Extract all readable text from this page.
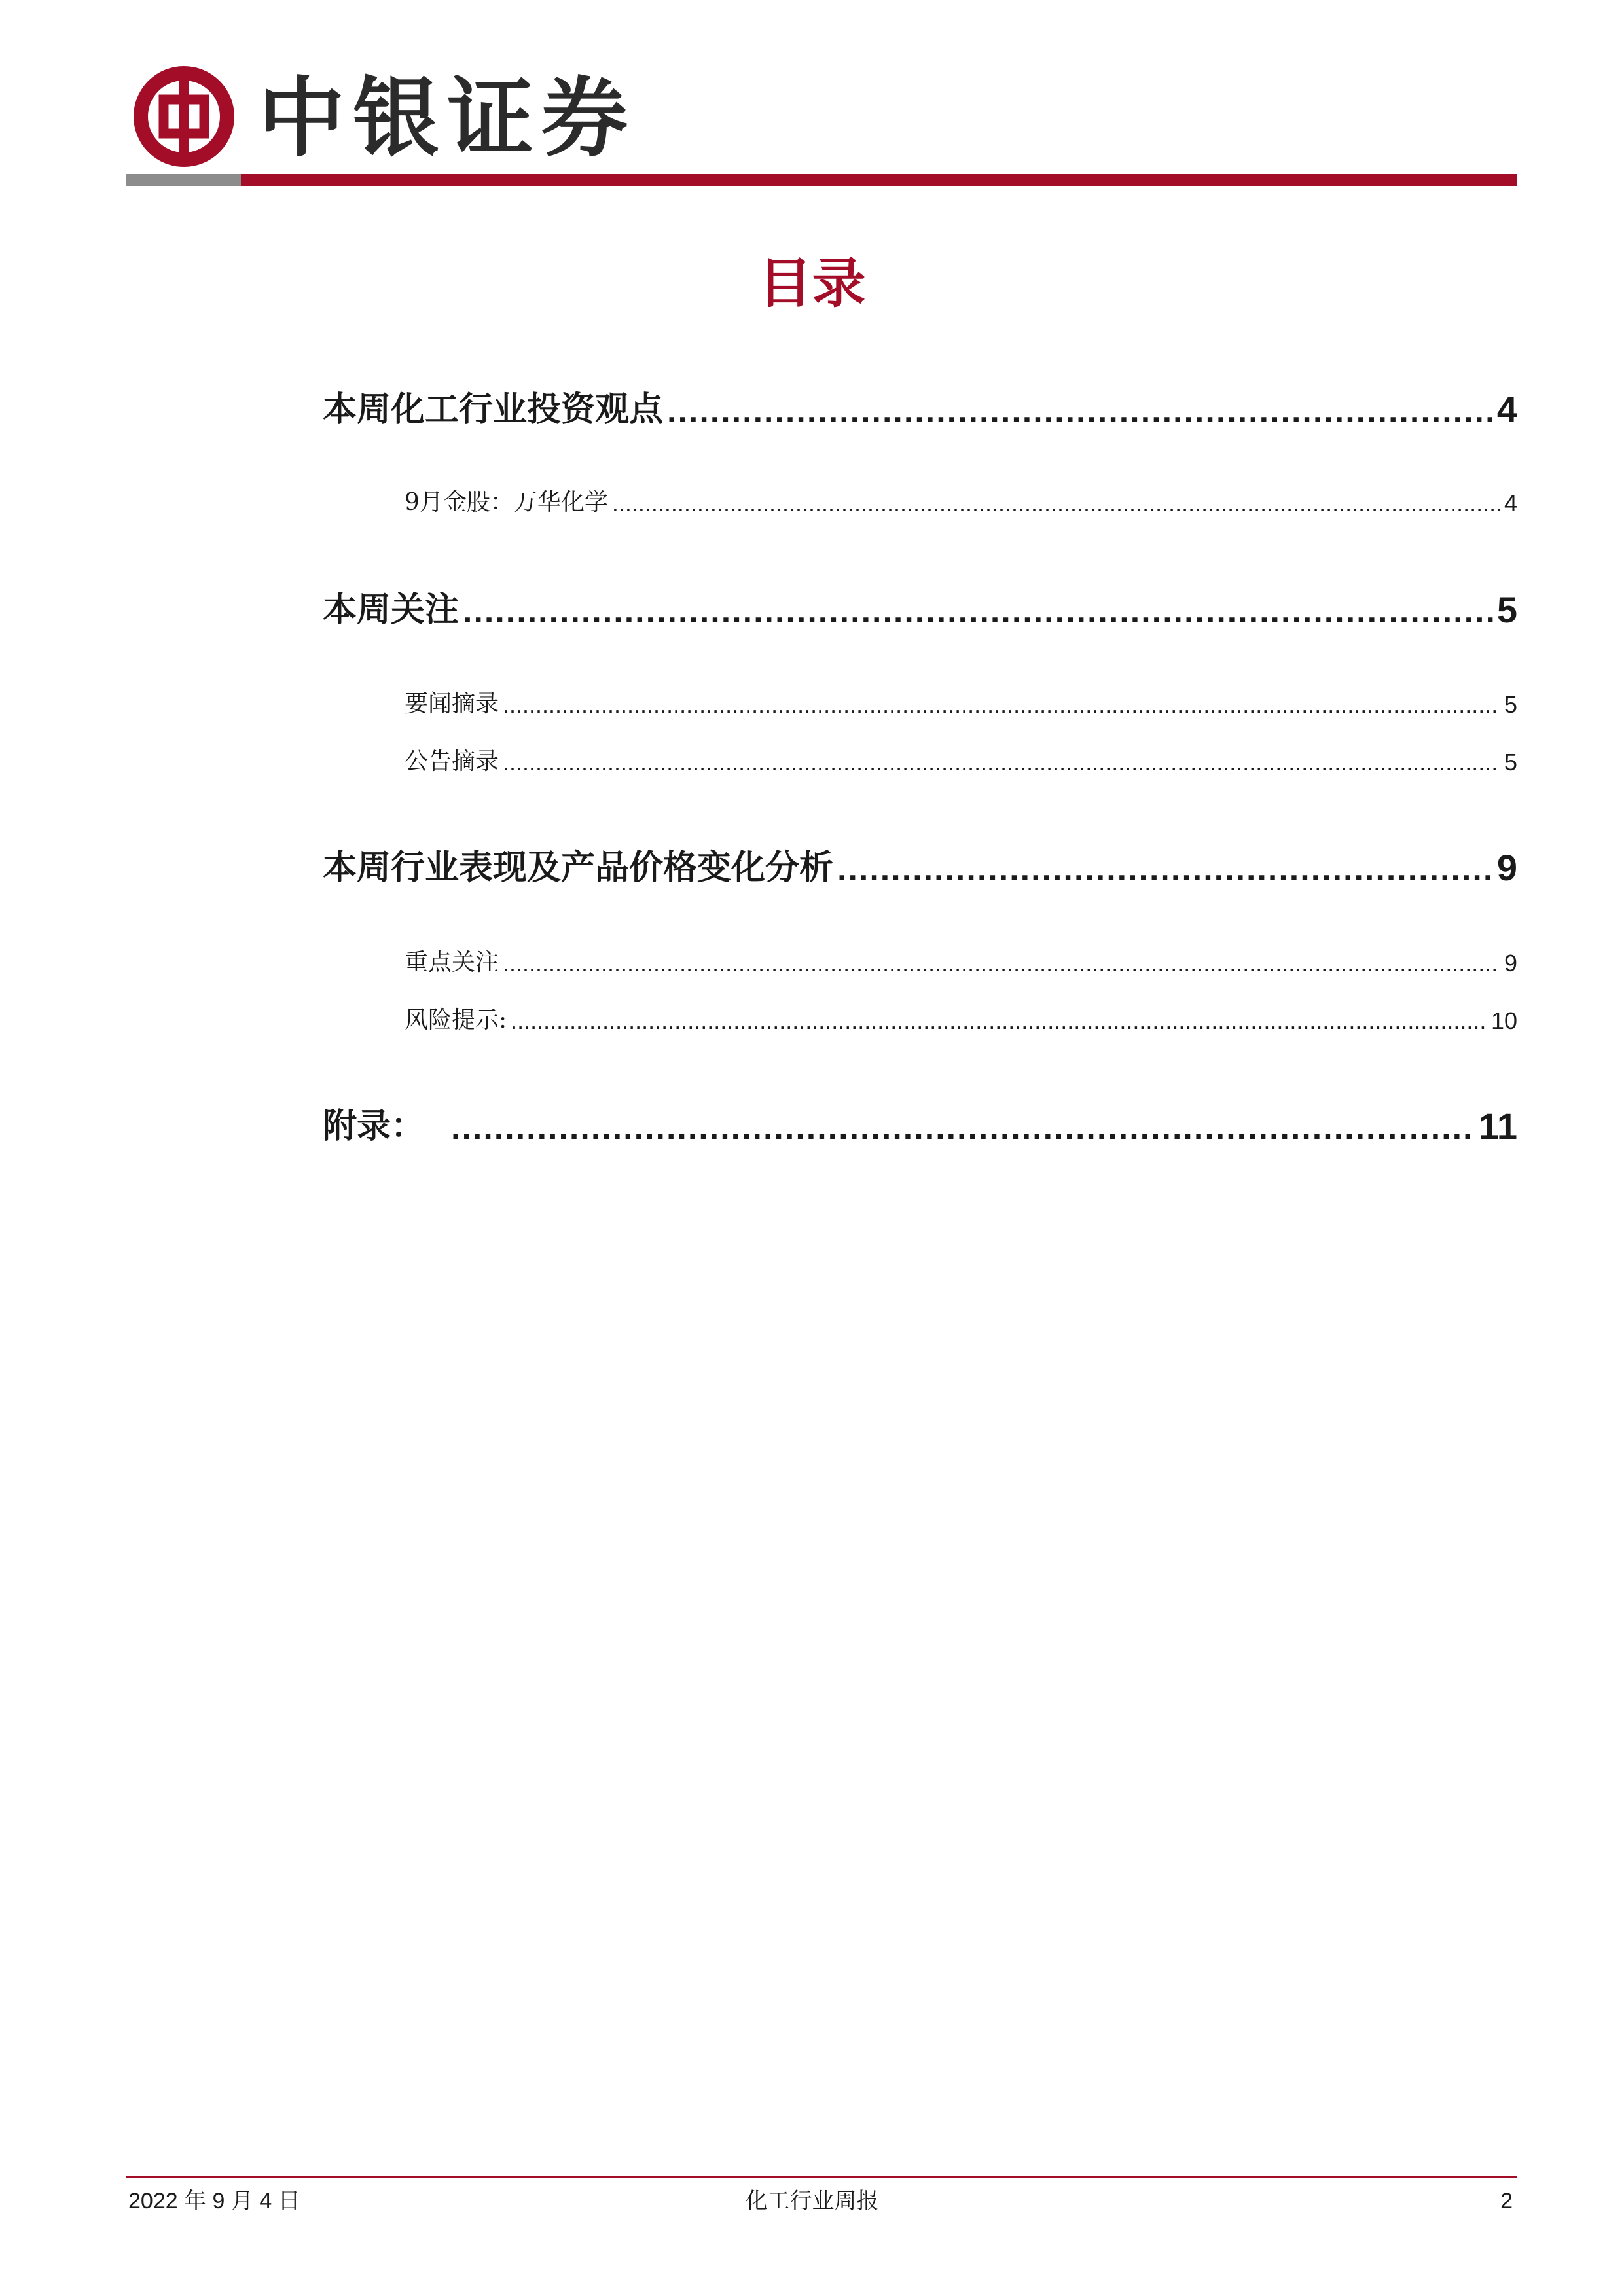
中银证券
目录
本周化工行业投资观点 .....	4
9月金股：万华化学 .....	4
本周关注 .....	5
要闻摘录 .....	5
公告摘录 .....	5
本周行业表现及产品价格变化分析 .....	9
重点关注 .....	9
风险提示: .....	10
附录： .....	11
2022 年 9 月 4 日	化工行业周报	2
